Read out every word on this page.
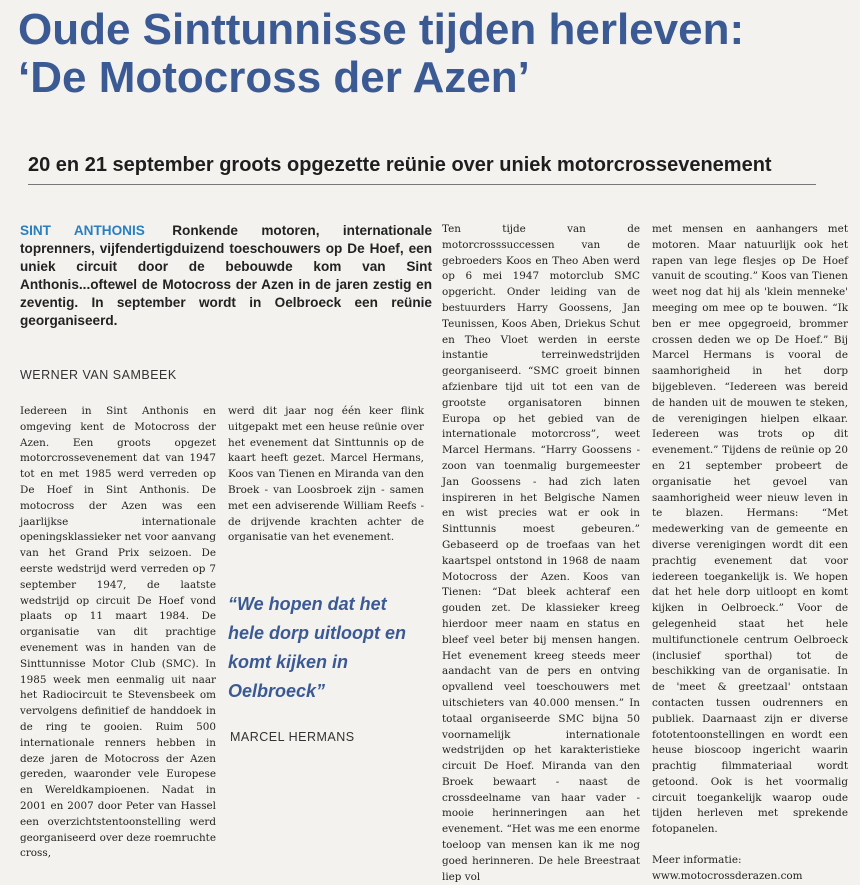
Oude Sinttunnisse tijden herleven:
‘De Motocross der Azen’
20 en 21 september groots opgezette reünie over uniek motorcrossevenement
SINT ANTHONIS Ronkende motoren, internationale toprenners, vijfendertigduizend toeschouwers op De Hoef, een uniek circuit door de bebouwde kom van Sint Anthonis...oftewel de Motocross der Azen in de jaren zestig en zeventig. In september wordt in Oelbroeck een reünie georganiseerd.
WERNER VAN SAMBEEK

Iedereen in Sint Anthonis en omgeving kent de Motocross der Azen. Een groots opgezet motorcrossevenement dat van 1947 tot en met 1985 werd verreden op De Hoef in Sint Anthonis. De motocross der Azen was een jaarlijkse internationale openingsklassieker net voor aanvang van het Grand Prix seizoen. De eerste wedstrijd werd verreden op 7 september 1947, de laatste wedstrijd op circuit De Hoef vond plaats op 11 maart 1984. De organisatie van dit prachtige evenement was in handen van de Sinttunnisse Motor Club (SMC). In 1985 week men eenmalig uit naar het Radiocircuit te Stevensbeek om vervolgens definitief de handdoek in de ring te gooien. Ruim 500 internationale renners hebben in deze jaren de Motocross der Azen gereden, waaronder vele Europese en Wereldkampioenen. Nadat in 2001 en 2007 door Peter van Hassel een overzichtstentoonstelling werd georganiseerd over deze roemruchte cross,

werd dit jaar nog één keer flink uitgepakt met een heuse reünie over het evenement dat Sinttunnis op de kaart heeft gezet. Marcel Hermans, Koos van Tienen en Miranda van den Broek - van Loosbroek zijn - samen met een adviserende William Reefs - de drijvende krachten achter de organisatie van het evenement.

“We hopen dat het hele dorp uitloopt en komt kijken in Oelbroeck”

MARCEL HERMANS

Ten tijde van de motorcrosssuccessen van de gebroeders Koos en Theo Aben werd op 6 mei 1947 motorclub SMC opgericht. Onder leiding van de bestuurders Harry Goossens, Jan Teunissen, Koos Aben, Driekus Schut en Theo Vloet werden in eerste instantie terreinwedstrijden georganiseerd. “SMC groeit binnen afzienbare tijd uit tot een van de grootste organisatoren binnen Europa op het gebied van de internationale motorcross”, weet Marcel Hermans. “Harry Goossens - zoon van toenmalig burgemeester Jan Goossens - had zich laten inspireren in het Belgische Namen en wist precies wat er ook in Sinttunnis moest gebeuren.” Gebaseerd op de troefaas van het kaartspel ontstond in 1968 de naam Motocross der Azen. Koos van Tienen: “Dat bleek achteraf een gouden zet. De klassieker kreeg hierdoor meer naam en status en bleef veel beter bij mensen hangen. Het evenement kreeg steeds meer aandacht van de pers en ontving opvallend veel toeschouwers met uitschieters van 40.000 mensen.” In totaal organiseerde SMC bijna 50 voornamelijk internationale wedstrijden op het karakteristieke circuit De Hoef. Miranda van den Broek bewaart - naast de crossdeelname van haar vader - mooie herinneringen aan het evenement. “Het was me een enorme toeloop van mensen kan ik me nog goed herinneren. De hele Breestraat liep vol

met mensen en aanhangers met motoren. Maar natuurlijk ook het rapen van lege flesjes op De Hoef vanuit de scouting.” Koos van Tienen weet nog dat hij als 'klein menneke' meeging om mee op te bouwen. “Ik ben er mee opgegroeid, brommer crossen deden we op De Hoef.” Bij Marcel Hermans is vooral de saamhorigheid in het dorp bijgebleven. “Iedereen was bereid de handen uit de mouwen te steken, de verenigingen hielpen elkaar. Iedereen was trots op dit evenement.” Tijdens de reünie op 20 en 21 september probeert de organisatie het gevoel van saamhorigheid weer nieuw leven in te blazen. Hermans: “Met medewerking van de gemeente en diverse verenigingen wordt dit een prachtig evenement dat voor iedereen toegankelijk is. We hopen dat het hele dorp uitloopt en komt kijken in Oelbroeck.” Voor de gelegenheid staat het hele multifunctionele centrum Oelbroeck (inclusief sporthal) tot de beschikking van de organisatie. In de 'meet & greetzaal' ontstaan contacten tussen oudrenners en publiek. Daarnaast zijn er diverse fototentoonstellingen en wordt een heuse bioscoop ingericht waarin prachtig filmmateriaal wordt getoond. Ook is het voormalig circuit toegankelijk waarop oude tijden herleven met sprekende fotopanelen.

Meer informatie:

www.motocrossderazen.com
